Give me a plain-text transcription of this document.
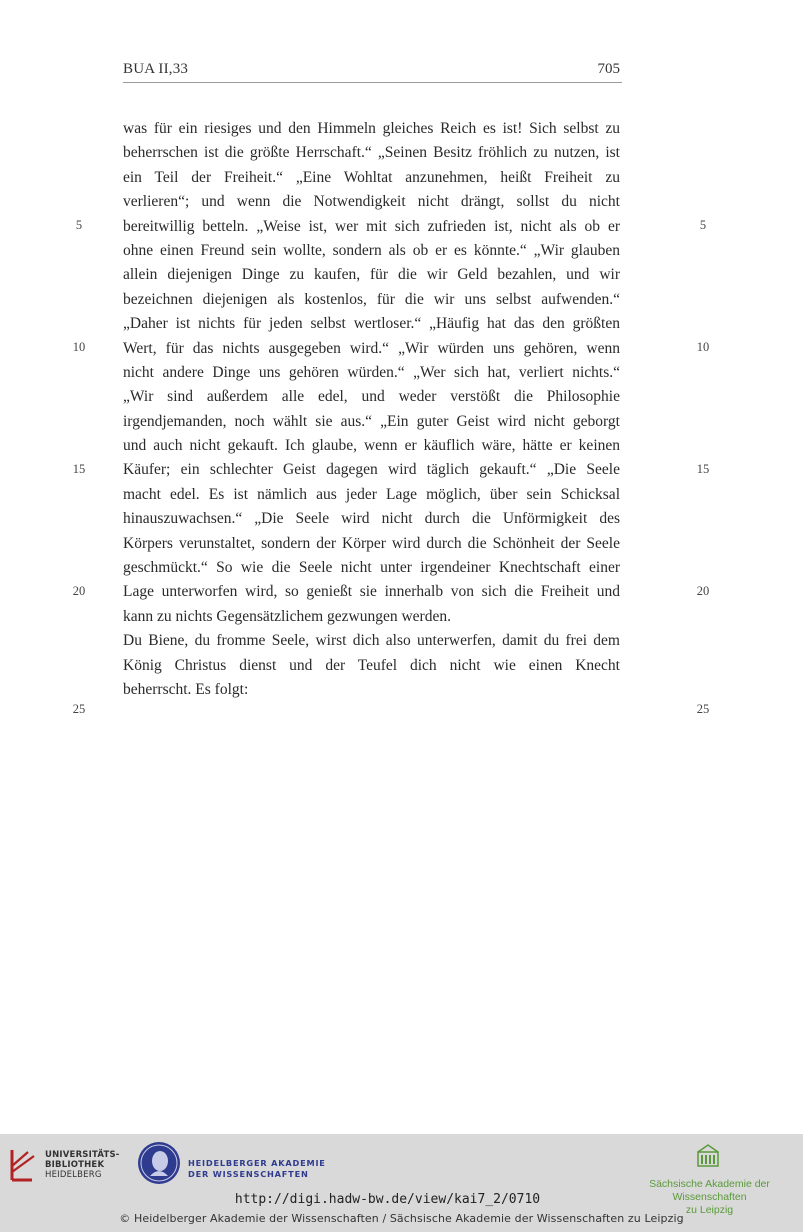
BUA II,33	705
was für ein riesiges und den Himmeln gleiches Reich es ist! Sich selbst zu
beherrschen ist die größte Herrschaft.“ „Seinen Besitz fröhlich zu nutzen, ist
ein Teil der Freiheit.“ „Eine Wohltat anzunehmen, heißt Freiheit zu
verlieren“; und wenn die Notwendigkeit nicht drängt, sollst du nicht
bereitwillig betteln. „Weise ist, wer mit sich zufrieden ist, nicht als ob er
ohne einen Freund sein wollte, sondern als ob er es könnte.“ „Wir glauben
allein diejenigen Dinge zu kaufen, für die wir Geld bezahlen, und wir
bezeichnen diejenigen als kostenlos, für die wir uns selbst aufwenden.“
„Daher ist nichts für jeden selbst wertloser.“ „Häufig hat das den größten
Wert, für das nichts ausgegeben wird.“ „Wir würden uns gehören, wenn
nicht andere Dinge uns gehören würden.“ „Wer sich hat, verliert nichts.“
„Wir sind außerdem alle edel, und weder verstößt die Philosophie
irgendjemanden, noch wählt sie aus.“ „Ein guter Geist wird nicht geborgt
und auch nicht gekauft. Ich glaube, wenn er käuflich wäre, hätte er keinen
Käufer; ein schlechter Geist dagegen wird täglich gekauft.“ „Die Seele
macht edel. Es ist nämlich aus jeder Lage möglich, über sein Schicksal
hinauszuwachsen.“ „Die Seele wird nicht durch die Unförmigkeit des
Körpers verunstaltet, sondern der Körper wird durch die Schönheit der Seele
geschmückt.“ So wie die Seele nicht unter irgendeiner Knechtschaft einer
Lage unterworfen wird, so genießt sie innerhalb von sich die Freiheit und
kann zu nichts Gegensätzlichem gezwungen werden.
Du Biene, du fromme Seele, wirst dich also unterwerfen, damit du frei dem
König Christus dienst und der Teufel dich nicht wie einen Knecht
beherrscht. Es folgt:
5	5
10	10
15	15
20	20
25	25
UNIVERSITÄTS-
BIBLIOTHEK
HEIDELBERG
HEIDELBERGER AKADEMIE
DER WISSENSCHAFTEN
Sächsische Akademie der Wissenschaften
zu Leipzig
http://digi.hadw-bw.de/view/kai7_2/0710
© Heidelberger Akademie der Wissenschaften / Sächsische Akademie der Wissenschaften zu Leipzig
